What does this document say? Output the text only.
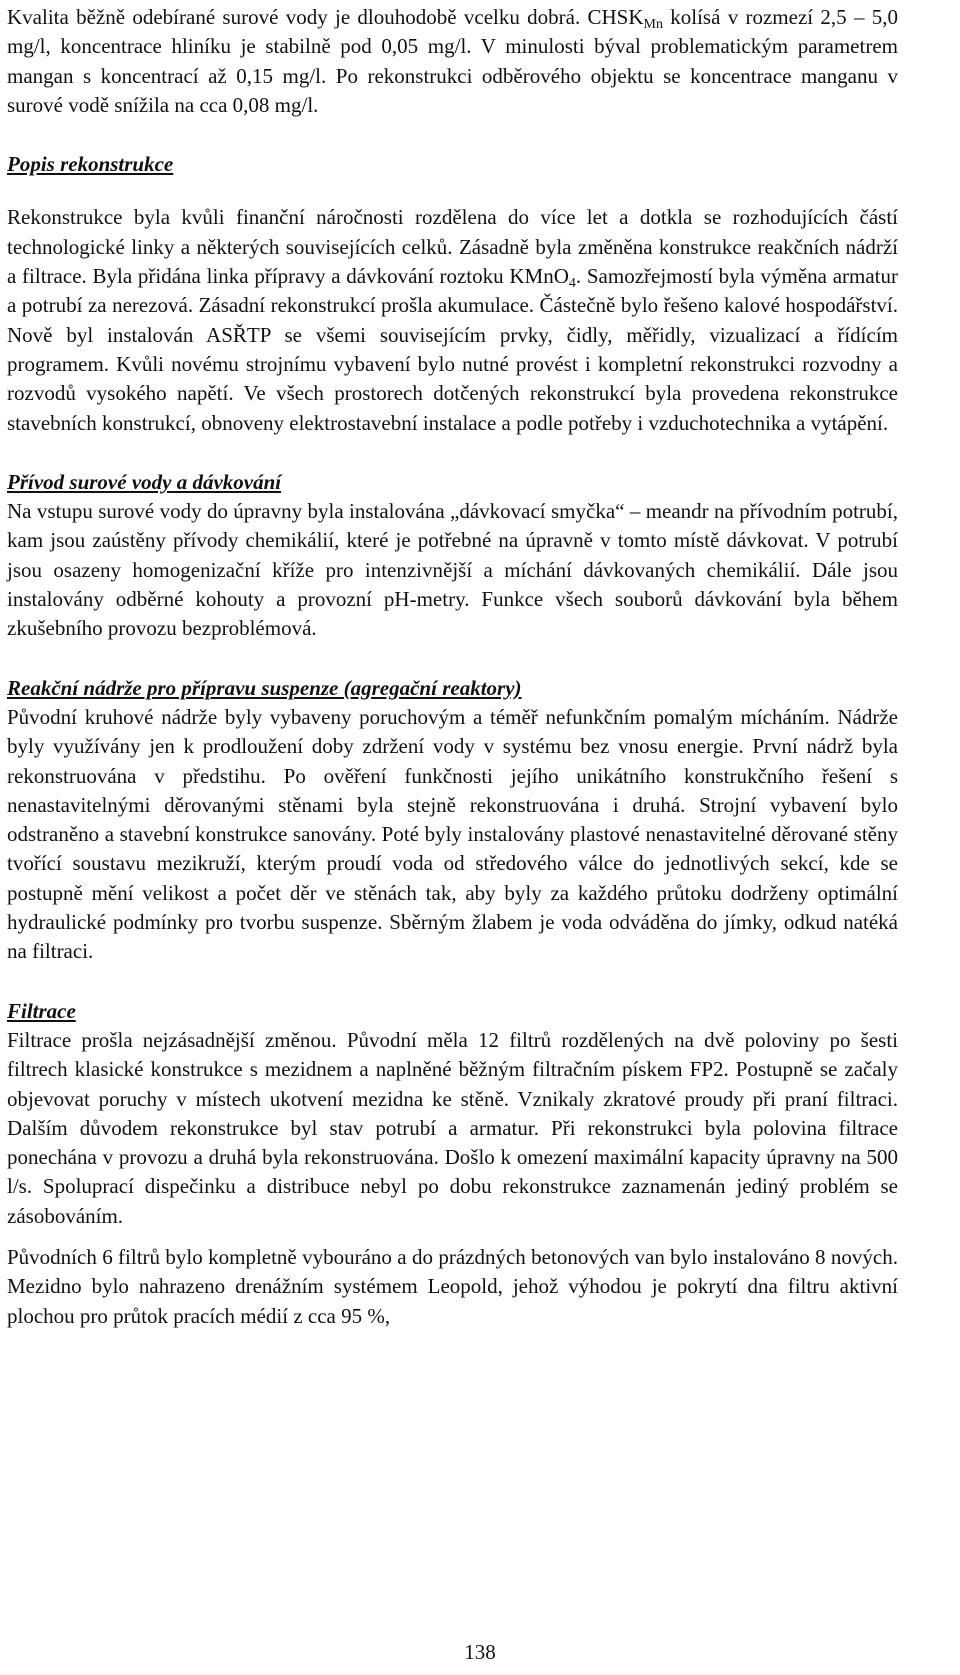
Kvalita běžně odebírané surové vody je dlouhodobě vcelku dobrá. $CHSK_{Mn}$ kolísá v rozmezí 2,5 – 5,0 mg/l, koncentrace hliníku je stabilně pod 0,05 mg/l. V minulosti býval problematickým parametrem mangan s koncentrací až 0,15 mg/l. Po rekonstrukci odběrového objektu se koncentrace manganu v surové vodě snížila na cca 0,08 mg/l.

Popis rekonstrukce

Rekonstrukce byla kvůli finanční náročnosti rozdělena do více let a dotkla se rozhodujících částí technologické linky a některých souvisejících celků. Zásadně byla změněna konstrukce reakčních nádrží a filtrace. Byla přidána linka přípravy a dávkování roztoku KMnO$_4$. Samozřejmostí byla výměna armatur a potrubí za nerezová. Zásadní rekonstrukcí prošla akumulace. Částečně bylo řešeno kalové hospodářství. Nově byl instalován ASŘTP se všemi souvisejícím prvky, čidly, měřidly, vizualizací a řídícím programem. Kvůli novému strojnímu vybavení bylo nutné provést i kompletní rekonstrukci rozvodny a rozvodů vysokého napětí. Ve všech prostorech dotčených rekonstrukcí byla provedena rekonstrukce stavebních konstrukcí, obnoveny elektrostavební instalace a podle potřeby i vzduchotechnika a vytápění.

Přívod surové vody a dávkování

Na vstupu surové vody do úpravny byla instalována „dávkovací smyčka“ – meandr na přívodním potrubí, kam jsou zaústěny přívody chemikálií, které je potřebné na úpravně v tomto místě dávkovat. V potrubí jsou osazeny homogenizační kříže pro intenzivnější a míchání dávkovaných chemikálií. Dále jsou instalovány odběrné kohouty a provozní pH-metry. Funkce všech souborů dávkování byla během zkušebního provozu bezproblémová.

Reakční nádrže pro přípravu suspenze (agregační reaktory)

Původní kruhové nádrže byly vybaveny poruchovým a téměř nefunkčním pomalým mícháním. Nádrže byly využívány jen k prodloužení doby zdržení vody v systému bez vnosu energie. První nádrž byla rekonstruována v předstihu. Po ověření funkčnosti jejího unikátního konstrukčního řešení s nenastavitelnými děrovanými stěnami byla stejně rekonstruována i druhá. Strojní vybavení bylo odstraněno a stavební konstrukce sanovány. Poté byly instalovány plastové nenastavitelné děrované stěny tvořící soustavu mezikruží, kterým proudí voda od středového válce do jednotlivých sekcí, kde se postupně mění velikost a počet děr ve stěnách tak, aby byly za každého průtoku dodrženy optimální hydraulické podmínky pro tvorbu suspenze. Sběrným žlabem je voda odváděna do jímky, odkud natéká na filtraci.

Filtrace

Filtrace prošla nejzásadnější změnou. Původní měla 12 filtrů rozdělených na dvě poloviny po šesti filtrech klasické konstrukce s mezidnem a naplněné běžným filtračním pískem FP2. Postupně se začaly objevovat poruchy v místech ukotvení mezidna ke stěně. Vznikaly zkratové proudy při praní filtraci. Dalším důvodem rekonstrukce byl stav potrubí a armatur. Při rekonstrukci byla polovina filtrace ponechána v provozu a druhá byla rekonstruována. Došlo k omezení maximální kapacity úpravny na 500 l/s. Spoluprací dispečinku a distribuce nebyl po dobu rekonstrukce zaznamenán jediný problém se zásobováním.

Původních 6 filtrů bylo kompletně vybouráno a do prázdných betonových van bylo instalováno 8 nových. Mezidno bylo nahrazeno drenážním systémem Leopold, jehož výhodou je pokrytí dna filtru aktivní plochou pro průtok pracích médií z cca 95 %,

138
